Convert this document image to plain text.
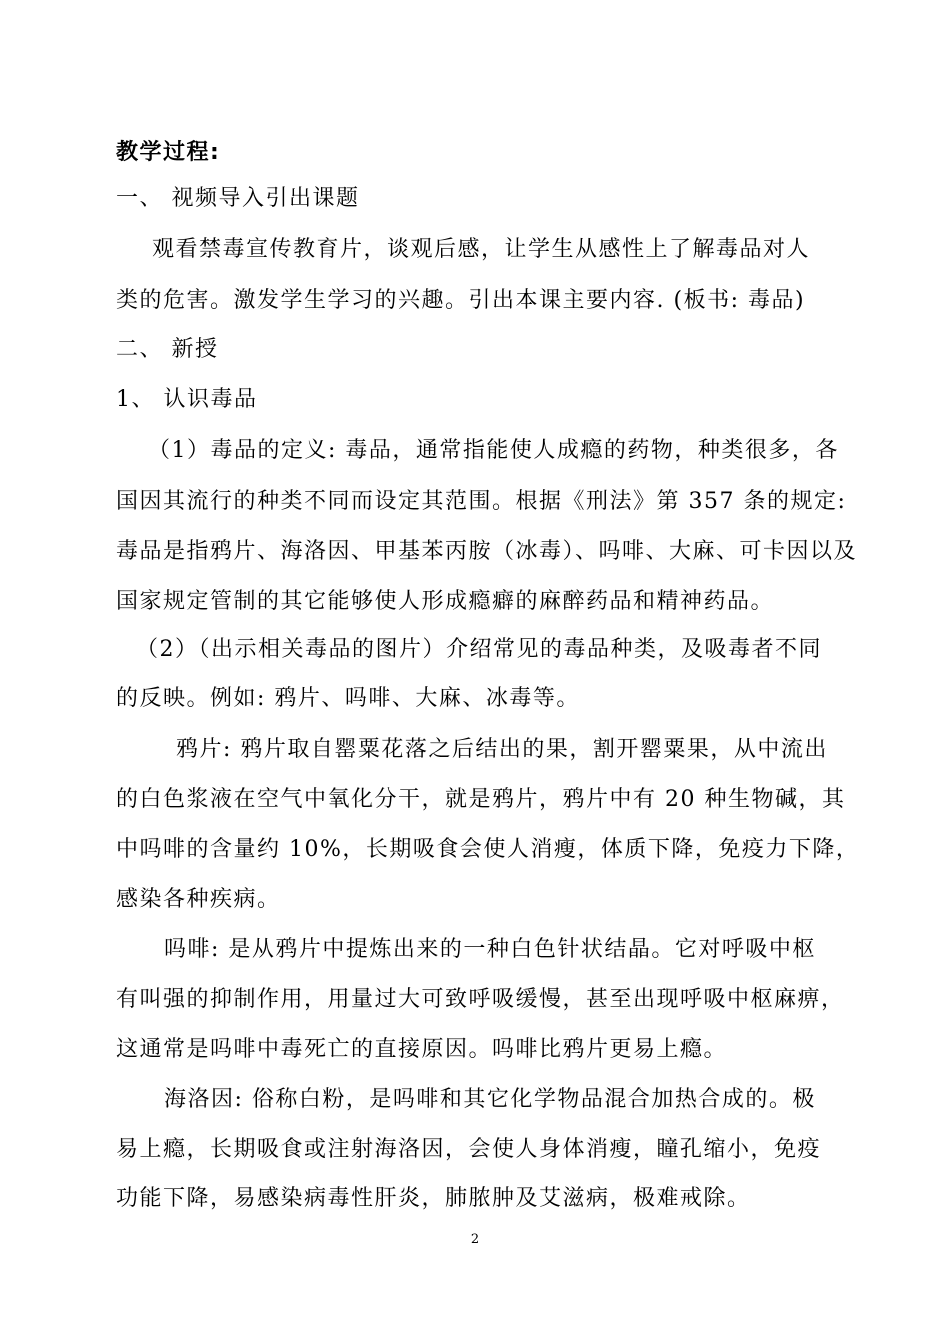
教学过程:
一、 视频导入引出课题
观看禁毒宣传教育片，谈观后感，让学生从感性上了解毒品对人
类的危害。激发学生学习的兴趣。引出本课主要内容. (板书: 毒品)
二、 新授
1、 认识毒品
（1）毒品的定义: 毒品，通常指能使人成瘾的药物，种类很多，各
国因其流行的种类不同而设定其范围。根据《刑法》第 357 条的规定:
毒品是指鸦片、海洛因、甲基苯丙胺（冰毒）、吗啡、大麻、可卡因以及
国家规定管制的其它能够使人形成瘾癖的麻醉药品和精神药品。
（2）（出示相关毒品的图片）介绍常见的毒品种类，及吸毒者不同
的反映。例如: 鸦片、吗啡、大麻、冰毒等。
鸦片: 鸦片取自罂粟花落之后结出的果，割开罂粟果，从中流出
的白色浆液在空气中氧化分干，就是鸦片，鸦片中有 20 种生物碱，其
中吗啡的含量约 10%，长期吸食会使人消瘦，体质下降，免疫力下降，
感染各种疾病。
吗啡: 是从鸦片中提炼出来的一种白色针状结晶。它对呼吸中枢
有叫强的抑制作用，用量过大可致呼吸缓慢，甚至出现呼吸中枢麻痹，
这通常是吗啡中毒死亡的直接原因。吗啡比鸦片更易上瘾。
海洛因: 俗称白粉，是吗啡和其它化学物品混合加热合成的。极
易上瘾，长期吸食或注射海洛因，会使人身体消瘦，瞳孔缩小，免疫
功能下降，易感染病毒性肝炎，肺脓肿及艾滋病，极难戒除。
2
